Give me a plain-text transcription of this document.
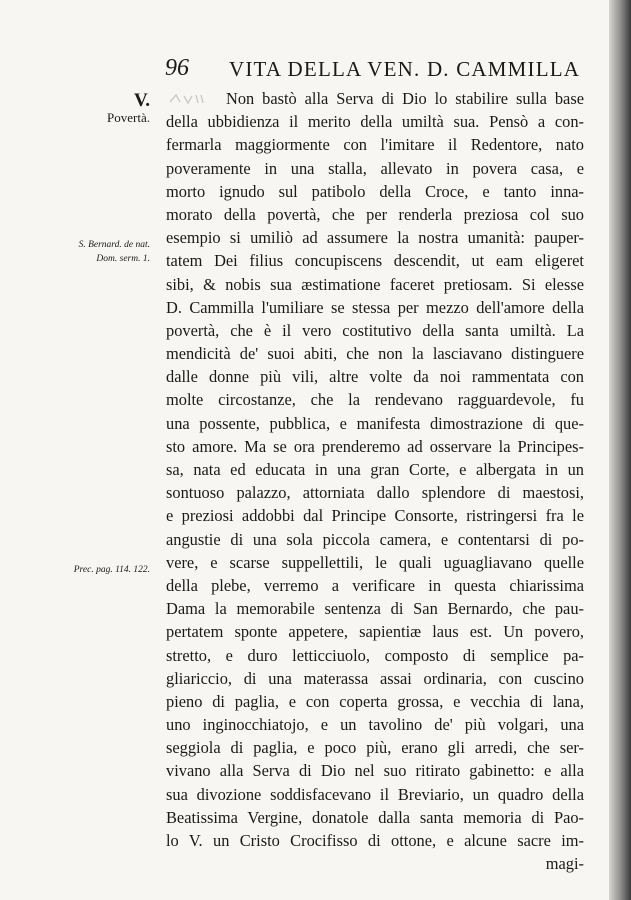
96 VITA DELLA VEN. D. CAMMILLA
V.
Povertà.
S. Bernard. de nat.
Dom. serm. 1.
Prec. pag. 114. 122.
Non bastò alla Serva di Dio lo stabilire sulla base
della ubbidienza il merito della umiltà sua. Pensò a con-
fermarla maggiormente con l'imitare il Redentore, nato
poveramente in una stalla, allevato in povera casa, e
morto ignudo sul patibolo della Croce, e tanto inna-
morato della povertà, che per renderla preziosa col suo
esempio si umiliò ad assumere la nostra umanità: pauper-
tatem Dei filius concupiscens descendit, ut eam eligeret
sibi, & nobis sua æstimatione faceret pretiosam. Si elesse
D. Cammilla l'umiliare se stessa per mezzo dell'amore della
povertà, che è il vero costitutivo della santa umiltà. La
mendicità de' suoi abiti, che non la lasciavano distinguere
dalle donne più vili, altre volte da noi rammentata con
molte circostanze, che la rendevano ragguardevole, fu
una possente, pubblica, e manifesta dimostrazione di que-
sto amore. Ma se ora prenderemo ad osservare la Principes-
sa, nata ed educata in una gran Corte, e albergata in un
sontuoso palazzo, attorniata dallo splendore di maestosi,
e preziosi addobbi dal Principe Consorte, ristringersi fra le
angustie di una sola piccola camera, e contentarsi di po-
vere, e scarse suppellettili, le quali uguagliavano quelle
della plebe, verremo a verificare in questa chiarissima
Dama la memorabile sentenza di San Bernardo, che pau-
pertatem sponte appetere, sapientiæ laus est. Un povero,
stretto, e duro letticciuolo, composto di semplice pa-
gliariccio, di una materassa assai ordinaria, con cuscino
pieno di paglia, e con coperta grossa, e vecchia di lana,
uno inginocchiatojo, e un tavolino de' più volgari, una
seggiola di paglia, e poco più, erano gli arredi, che ser-
vivano alla Serva di Dio nel suo ritirato gabinetto: e alla
sua divozione soddisfacevano il Breviario, un quadro della
Beatissima Vergine, donatole dalla santa memoria di Pao-
lo V. un Cristo Crocifisso di ottone, e alcune sacre im-
magi-
